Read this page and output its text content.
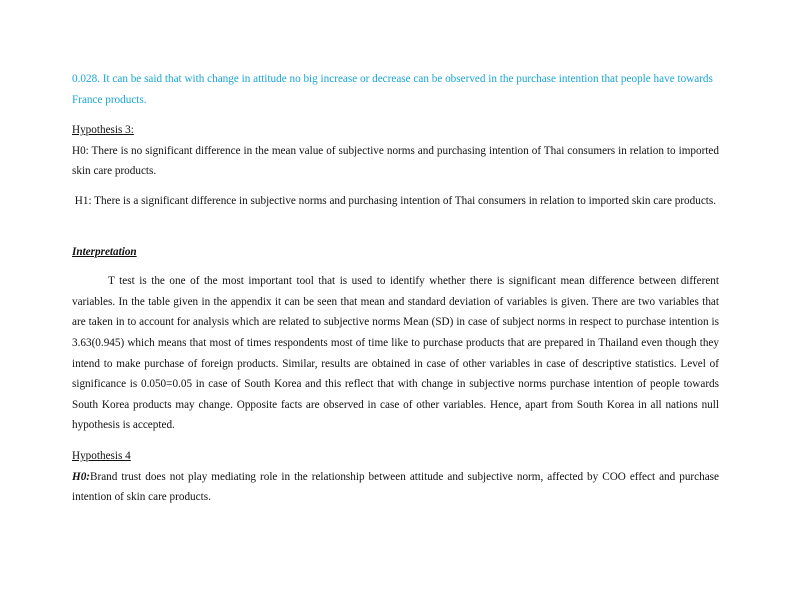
0.028. It can be said that with change in attitude no big increase or decrease can be observed in the purchase intention that people have towards France products.

Hypothesis 3:

H0: There is no significant difference in the mean value of subjective norms and purchasing intention of Thai consumers in relation to imported skin care products.

H1: There is a significant difference in subjective norms and purchasing intention of Thai consumers in relation to imported skin care products.

Interpretation

T test is the one of the most important tool that is used to identify whether there is significant mean difference between different variables. In the table given in the appendix it can be seen that mean and standard deviation of variables is given. There are two variables that are taken in to account for analysis which are related to subjective norms Mean (SD) in case of subject norms in respect to purchase intention is 3.63(0.945) which means that most of times respondents most of time like to purchase products that are prepared in Thailand even though they intend to make purchase of foreign products. Similar, results are obtained in case of other variables in case of descriptive statistics. Level of significance is 0.050=0.05 in case of South Korea and this reflect that with change in subjective norms purchase intention of people towards South Korea products may change. Opposite facts are observed in case of other variables. Hence, apart from South Korea in all nations null hypothesis is accepted.

Hypothesis 4

H0:Brand trust does not play mediating role in the relationship between attitude and subjective norm, affected by COO effect and purchase intention of skin care products.
